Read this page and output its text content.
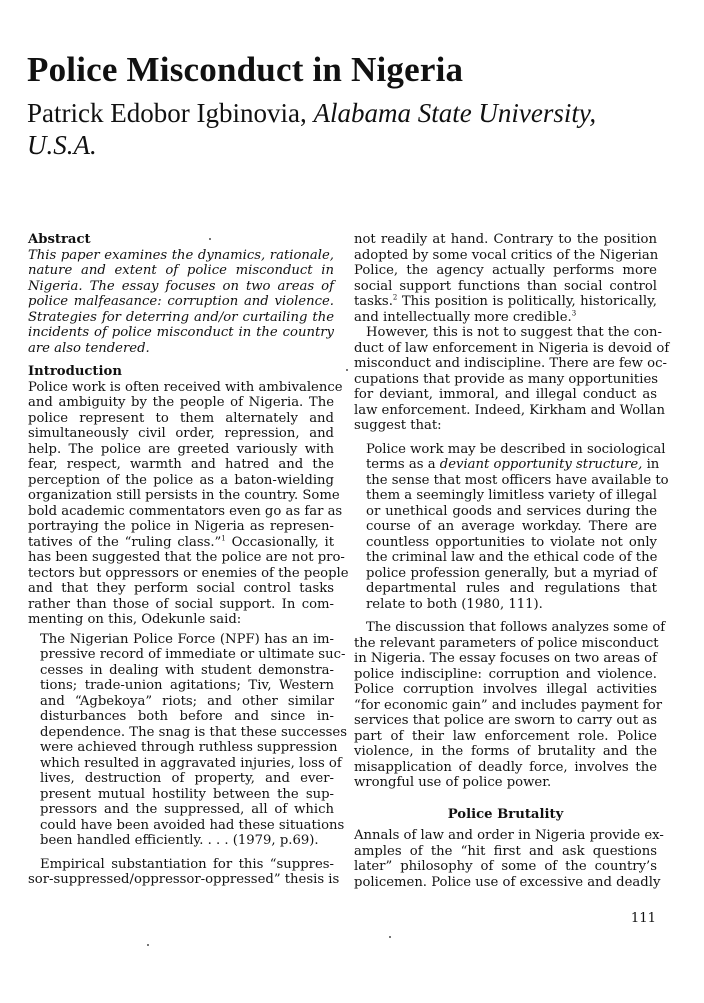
Police Misconduct in Nigeria
Patrick Edobor Igbinovia, Alabama State University,
U.S.A.
Abstract
This paper examines the dynamics, rationale,
nature and extent of police misconduct in
Nigeria. The essay focuses on two areas of
police malfeasance: corruption and violence.
Strategies for deterring and/or curtailing the
incidents of police misconduct in the country
are also tendered.
Introduction
Police work is often received with ambivalence
and ambiguity by the people of Nigeria. The
police represent to them alternately and
simultaneously civil order, repression, and
help. The police are greeted variously with
fear, respect, warmth and hatred and the
perception of the police as a baton-wielding
organization still persists in the country. Some
bold academic commentators even go as far as
portraying the police in Nigeria as represen-
tatives of the “ruling class.”$^1$ Occasionally, it
has been suggested that the police are not pro-
tectors but oppressors or enemies of the people
and that they perform social control tasks
rather than those of social support. In com-
menting on this, Odekunle said:
The Nigerian Police Force (NPF) has an im-
pressive record of immediate or ultimate suc-
cesses in dealing with student demonstra-
tions; trade-union agitations; Tiv, Western
and “Agbekoya” riots; and other similar
disturbances both before and since in-
dependence. The snag is that these successes
were achieved through ruthless suppression
which resulted in aggravated injuries, loss of
lives, destruction of property, and ever-
present mutual hostility between the sup-
pressors and the suppressed, all of which
could have been avoided had these situations
been handled efficiently. . . . (1979, p.69).
Empirical substantiation for this “suppres-
sor-suppressed/oppressor-oppressed” thesis is
not readily at hand. Contrary to the position
adopted by some vocal critics of the Nigerian
Police, the agency actually performs more
social support functions than social control
tasks.$^2$ This position is politically, historically,
and intellectually more credible.$^3$
However, this is not to suggest that the con-
duct of law enforcement in Nigeria is devoid of
misconduct and indiscipline. There are few oc-
cupations that provide as many opportunities
for deviant, immoral, and illegal conduct as
law enforcement. Indeed, Kirkham and Wollan
suggest that:
Police work may be described in sociological
terms as a deviant opportunity structure, in
the sense that most officers have available to
them a seemingly limitless variety of illegal
or unethical goods and services during the
course of an average workday. There are
countless opportunities to violate not only
the criminal law and the ethical code of the
police profession generally, but a myriad of
departmental rules and regulations that
relate to both (1980, 111).
The discussion that follows analyzes some of
the relevant parameters of police misconduct
in Nigeria. The essay focuses on two areas of
police indiscipline: corruption and violence.
Police corruption involves illegal activities
“for economic gain” and includes payment for
services that police are sworn to carry out as
part of their law enforcement role. Police
violence, in the forms of brutality and the
misapplication of deadly force, involves the
wrongful use of police power.
Police Brutality
Annals of law and order in Nigeria provide ex-
amples of the “hit first and ask questions
later” philosophy of some of the country’s
policemen. Police use of excessive and deadly
111
